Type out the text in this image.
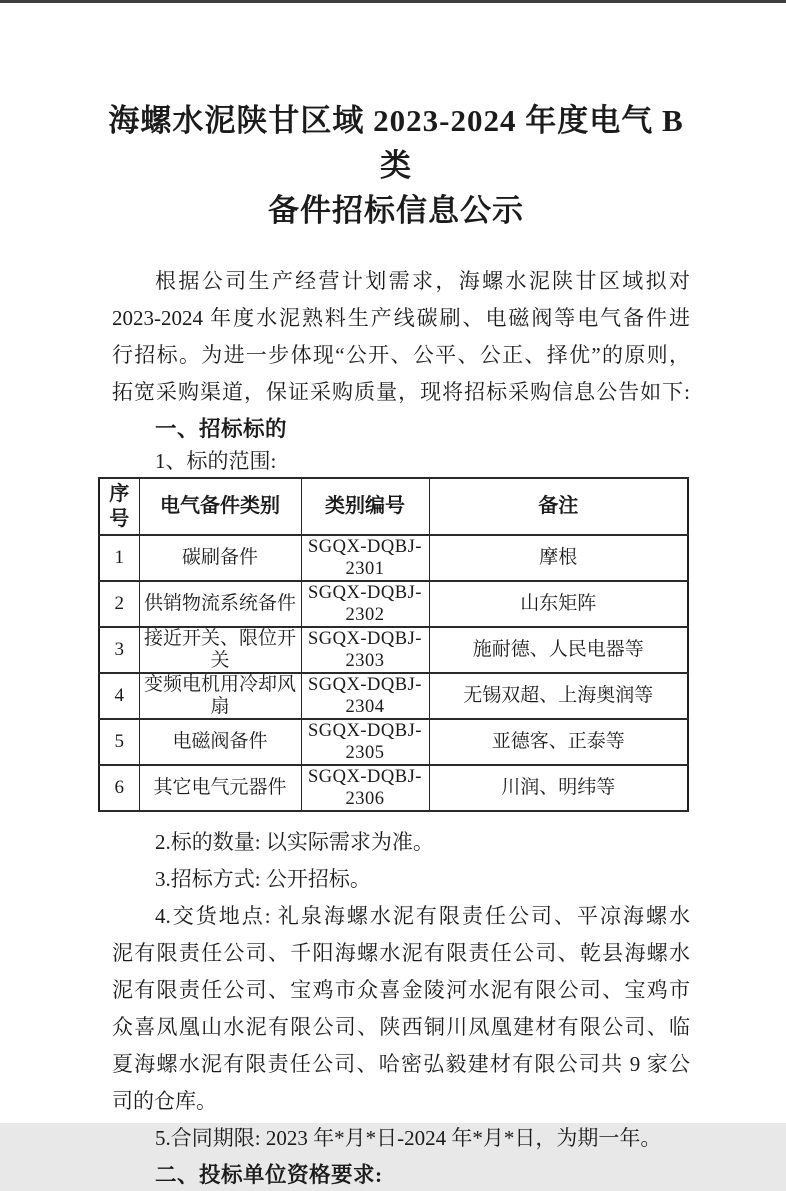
海螺水泥陕甘区域 2023-2024 年度电气 B 类
备件招标信息公示
根据公司生产经营计划需求，海螺水泥陕甘区域拟对
2023-2024 年度水泥熟料生产线碳刷、电磁阀等电气备件进
行招标。为进一步体现“公开、公平、公正、择优”的原则，
拓宽采购渠道，保证采购质量，现将招标采购信息公告如下:
一、招标标的
1、标的范围:
序号	电气备件类别	类别编号	备注
1	碳刷备件	SGQX-DQBJ-2301	摩根
2	供销物流系统备件	SGQX-DQBJ-2302	山东矩阵
3	接近开关、限位开关	SGQX-DQBJ-2303	施耐德、人民电器等
4	变频电机用冷却风扇	SGQX-DQBJ-2304	无锡双超、上海奥润等
5	电磁阀备件	SGQX-DQBJ-2305	亚德客、正泰等
6	其它电气元器件	SGQX-DQBJ-2306	川润、明纬等
2.标的数量: 以实际需求为准。
3.招标方式: 公开招标。
4.交货地点: 礼泉海螺水泥有限责任公司、平凉海螺水
泥有限责任公司、千阳海螺水泥有限责任公司、乾县海螺水
泥有限责任公司、宝鸡市众喜金陵河水泥有限公司、宝鸡市
众喜凤凰山水泥有限公司、陕西铜川凤凰建材有限公司、临
夏海螺水泥有限责任公司、哈密弘毅建材有限公司共 9 家公
司的仓库。
5.合同期限: 2023 年*月*日-2024 年*月*日，为期一年。
二、投标单位资格要求:
